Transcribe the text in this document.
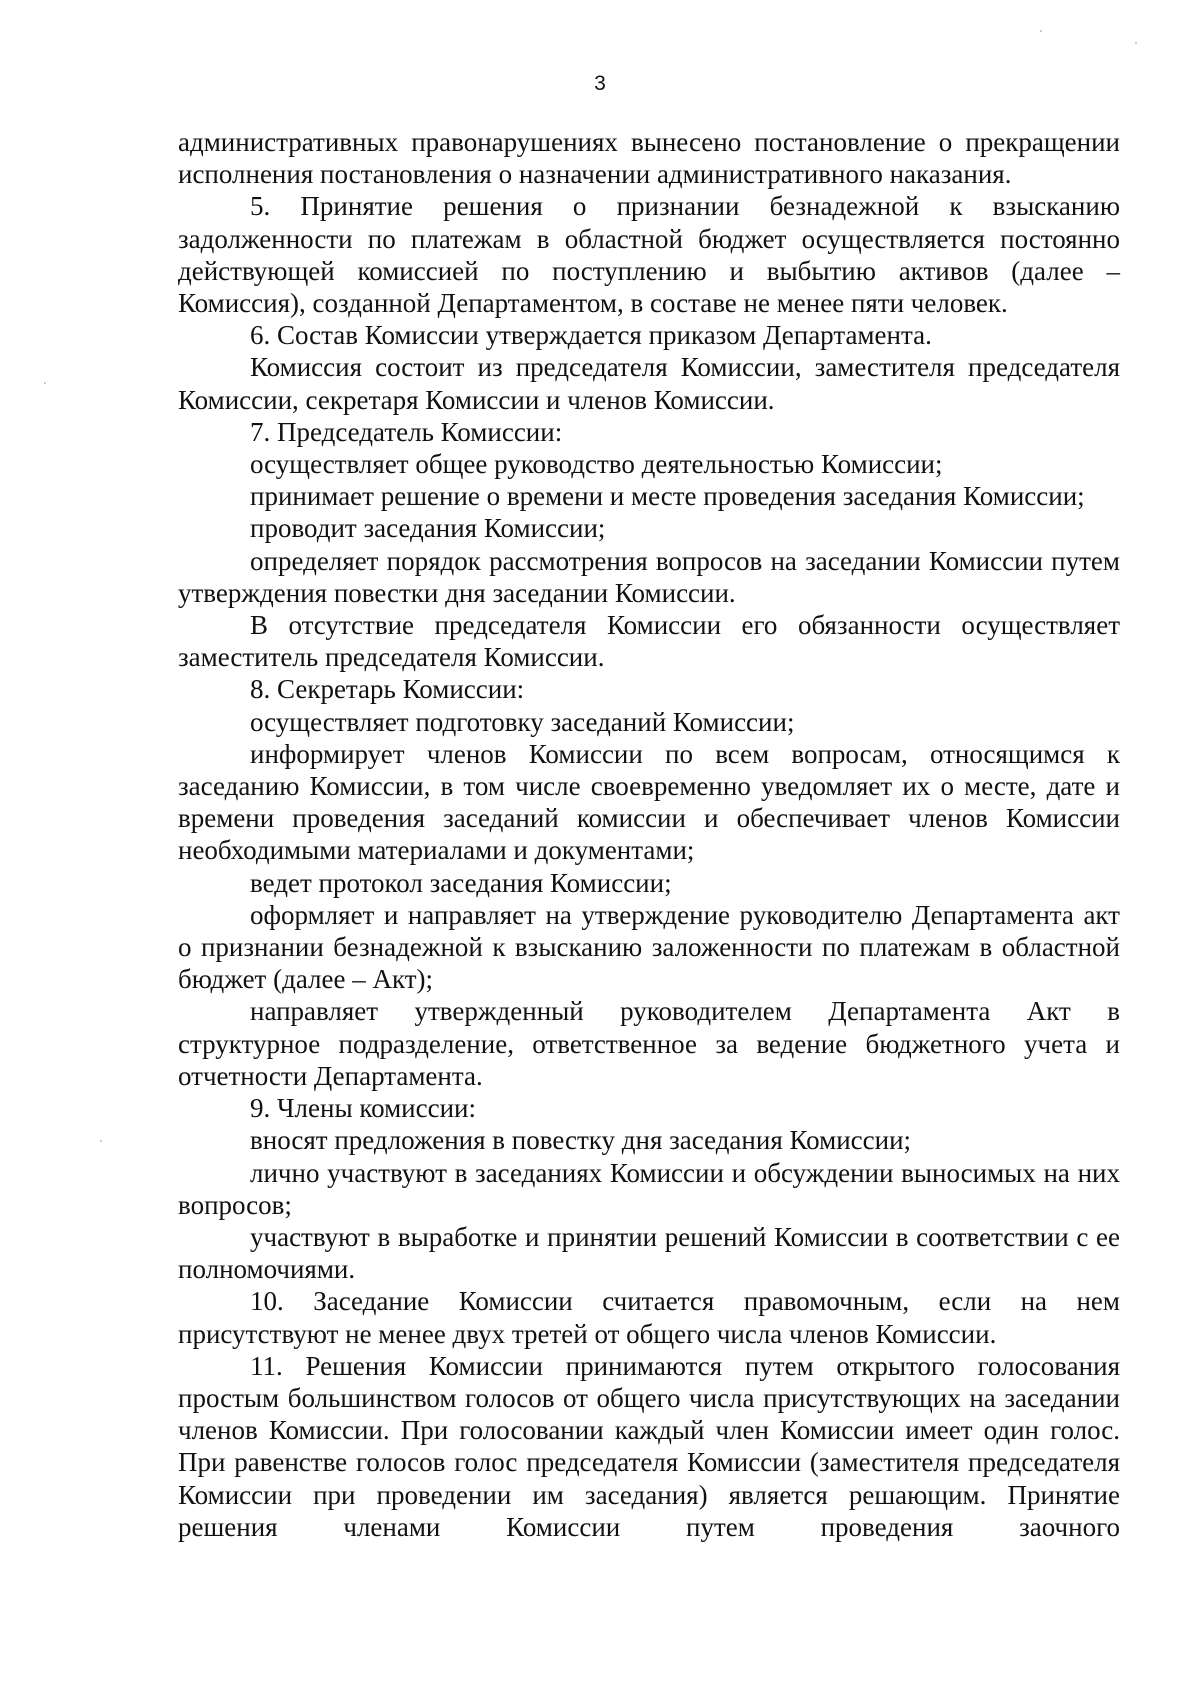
3

административных правонарушениях вынесено постановление о прекращении исполнения постановления о назначении административного наказания.

5. Принятие решения о признании безнадежной к взысканию задолженности по платежам в областной бюджет осуществляется постоянно действующей комиссией по поступлению и выбытию активов (далее – Комиссия), созданной Департаментом, в составе не менее пяти человек.

6. Состав Комиссии утверждается приказом Департамента.

Комиссия состоит из председателя Комиссии, заместителя председателя Комиссии, секретаря Комиссии и членов Комиссии.

7. Председатель Комиссии:

осуществляет общее руководство деятельностью Комиссии;

принимает решение о времени и месте проведения заседания Комиссии;

проводит заседания Комиссии;

определяет порядок рассмотрения вопросов на заседании Комиссии путем утверждения повестки дня заседании Комиссии.

В отсутствие председателя Комиссии его обязанности осуществляет заместитель председателя Комиссии.

8. Секретарь Комиссии:

осуществляет подготовку заседаний Комиссии;

информирует членов Комиссии по всем вопросам, относящимся к заседанию Комиссии, в том числе своевременно уведомляет их о месте, дате и времени проведения заседаний комиссии и обеспечивает членов Комиссии необходимыми материалами и документами;

ведет протокол заседания Комиссии;

оформляет и направляет на утверждение руководителю Департамента акт о признании безнадежной к взысканию заложенности по платежам в областной бюджет (далее – Акт);

направляет утвержденный руководителем Департамента Акт в структурное подразделение, ответственное за ведение бюджетного учета и отчетности Департамента.

9. Члены комиссии:

вносят предложения в повестку дня заседания Комиссии;

лично участвуют в заседаниях Комиссии и обсуждении выносимых на них вопросов;

участвуют в выработке и принятии решений Комиссии в соответствии с ее полномочиями.

10. Заседание Комиссии считается правомочным, если на нем присутствуют не менее двух третей от общего числа членов Комиссии.

11. Решения Комиссии принимаются путем открытого голосования простым большинством голосов от общего числа присутствующих на заседании членов Комиссии. При голосовании каждый член Комиссии имеет один голос. При равенстве голосов голос председателя Комиссии (заместителя председателя Комиссии при проведении им заседания) является решающим. Принятие решения членами Комиссии путем проведения заочного
